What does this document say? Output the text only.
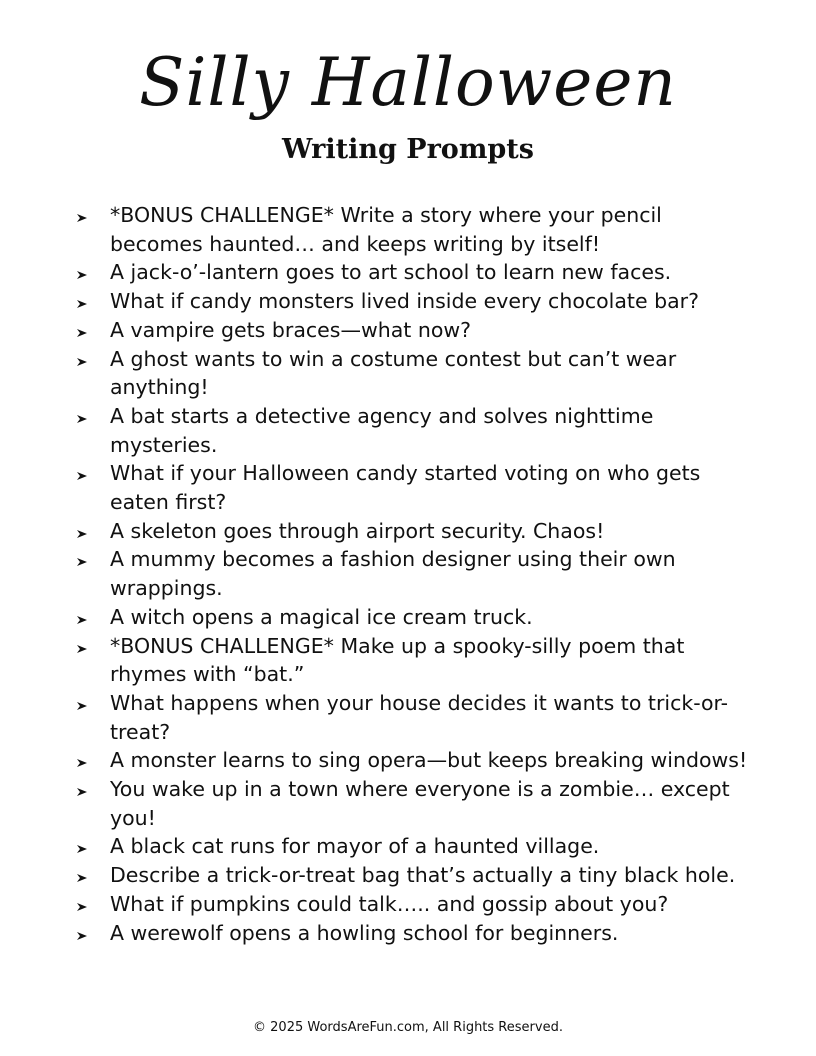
Silly Halloween
Writing Prompts
*BONUS CHALLENGE* Write a story where your pencil becomes haunted… and keeps writing by itself!
A jack-o’-lantern goes to art school to learn new faces.
What if candy monsters lived inside every chocolate bar?
A vampire gets braces—what now?
A ghost wants to win a costume contest but can’t wear anything!
A bat starts a detective agency and solves nighttime mysteries.
What if your Halloween candy started voting on who gets eaten first?
A skeleton goes through airport security. Chaos!
A mummy becomes a fashion designer using their own wrappings.
A witch opens a magical ice cream truck.
*BONUS CHALLENGE* Make up a spooky-silly poem that rhymes with “bat.”
What happens when your house decides it wants to trick-or-treat?
A monster learns to sing opera—but keeps breaking windows!
You wake up in a town where everyone is a zombie… except you!
A black cat runs for mayor of a haunted village.
Describe a trick-or-treat bag that’s actually a tiny black hole.
What if pumpkins could talk….. and gossip about you?
A werewolf opens a howling school for beginners.

© 2025 WordsAreFun.com, All Rights Reserved.
